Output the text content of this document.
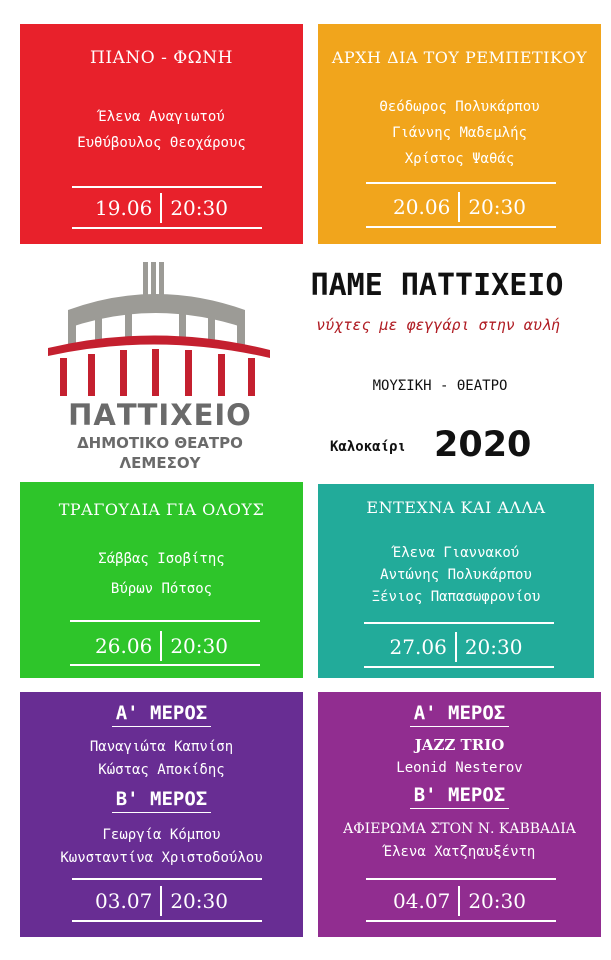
ΠΙΑΝΟ - ΦΩΝΗ
Έλενα Αναγιωτού
Ευθύβουλος Θεοχάρους
19.06 20:30
ΑΡΧΗ ΔΙΑ ΤΟΥ ΡΕΜΠΕΤΙΚΟΥ
Θεόδωρος Πολυκάρπου
Γιάννης Μαδεμλής
Χρίστος Ψαθάς
20.06 20:30
ΠΑΤΤΙΧΕΙΟ
ΔΗΜΟΤΙΚΟ ΘΕΑΤΡΟ
ΛΕΜΕΣΟΥ
ΠΑΜΕ ΠΑΤΤΙΧΕΙΟ
νύχτες με φεγγάρι στην αυλή
ΜΟΥΣΙΚΗ - ΘΕΑΤΡΟ
Καλοκαίρι 2020
ΤΡΑΓΟΥΔΙΑ ΓΙΑ ΟΛΟΥΣ
Σάββας Ισοβίτης
Βύρων Πότσος
26.06 20:30
ΕΝΤΕΧΝΑ ΚΑΙ ΑΛΛΑ
Έλενα Γιαννακού
Αντώνης Πολυκάρπου
Ξένιος Παπασωφρονίου
27.06 20:30
Α' ΜΕΡΟΣ
Παναγιώτα Καπνίση
Κώστας Αποκίδης
Β' ΜΕΡΟΣ
Γεωργία Κόμπου
Κωνσταντίνα Χριστοδούλου
03.07 20:30
Α' ΜΕΡΟΣ
JAZZ TRIO
Leonid Nesterov
Β' ΜΕΡΟΣ
ΑΦΙΕΡΩΜΑ ΣΤΟΝ Ν. ΚΑΒΒΑΔΙΑ
Έλενα Χατζηαυξέντη
04.07 20:30
